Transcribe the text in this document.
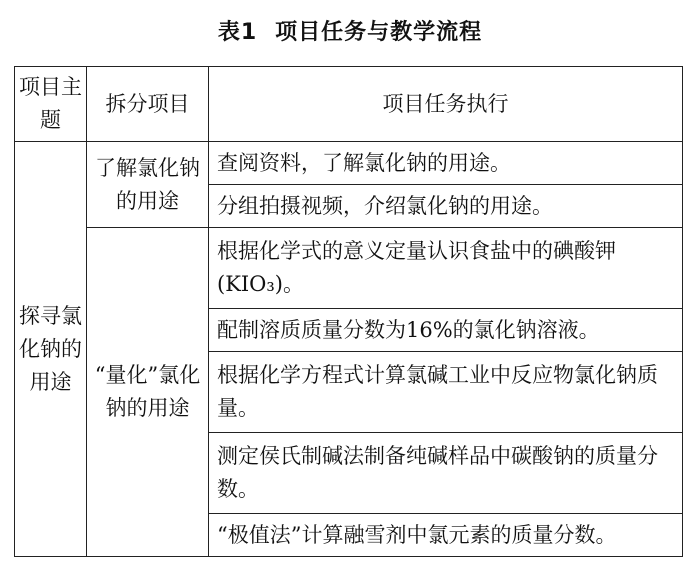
表1 项目任务与教学流程
项目主题	拆分项目	项目任务执行
探寻氯化钠的用途	了解氯化钠的用途	查阅资料，了解氯化钠的用途。
		分组拍摄视频，介绍氯化钠的用途。
	“量化”氯化钠的用途	根据化学式的意义定量认识食盐中的碘酸钾(KIO₃)。
		配制溶质质量分数为16%的氯化钠溶液。
		根据化学方程式计算氯碱工业中反应物氯化钠质量。
		测定侯氏制碱法制备纯碱样品中碳酸钠的质量分数。
		“极值法”计算融雪剂中氯元素的质量分数。
